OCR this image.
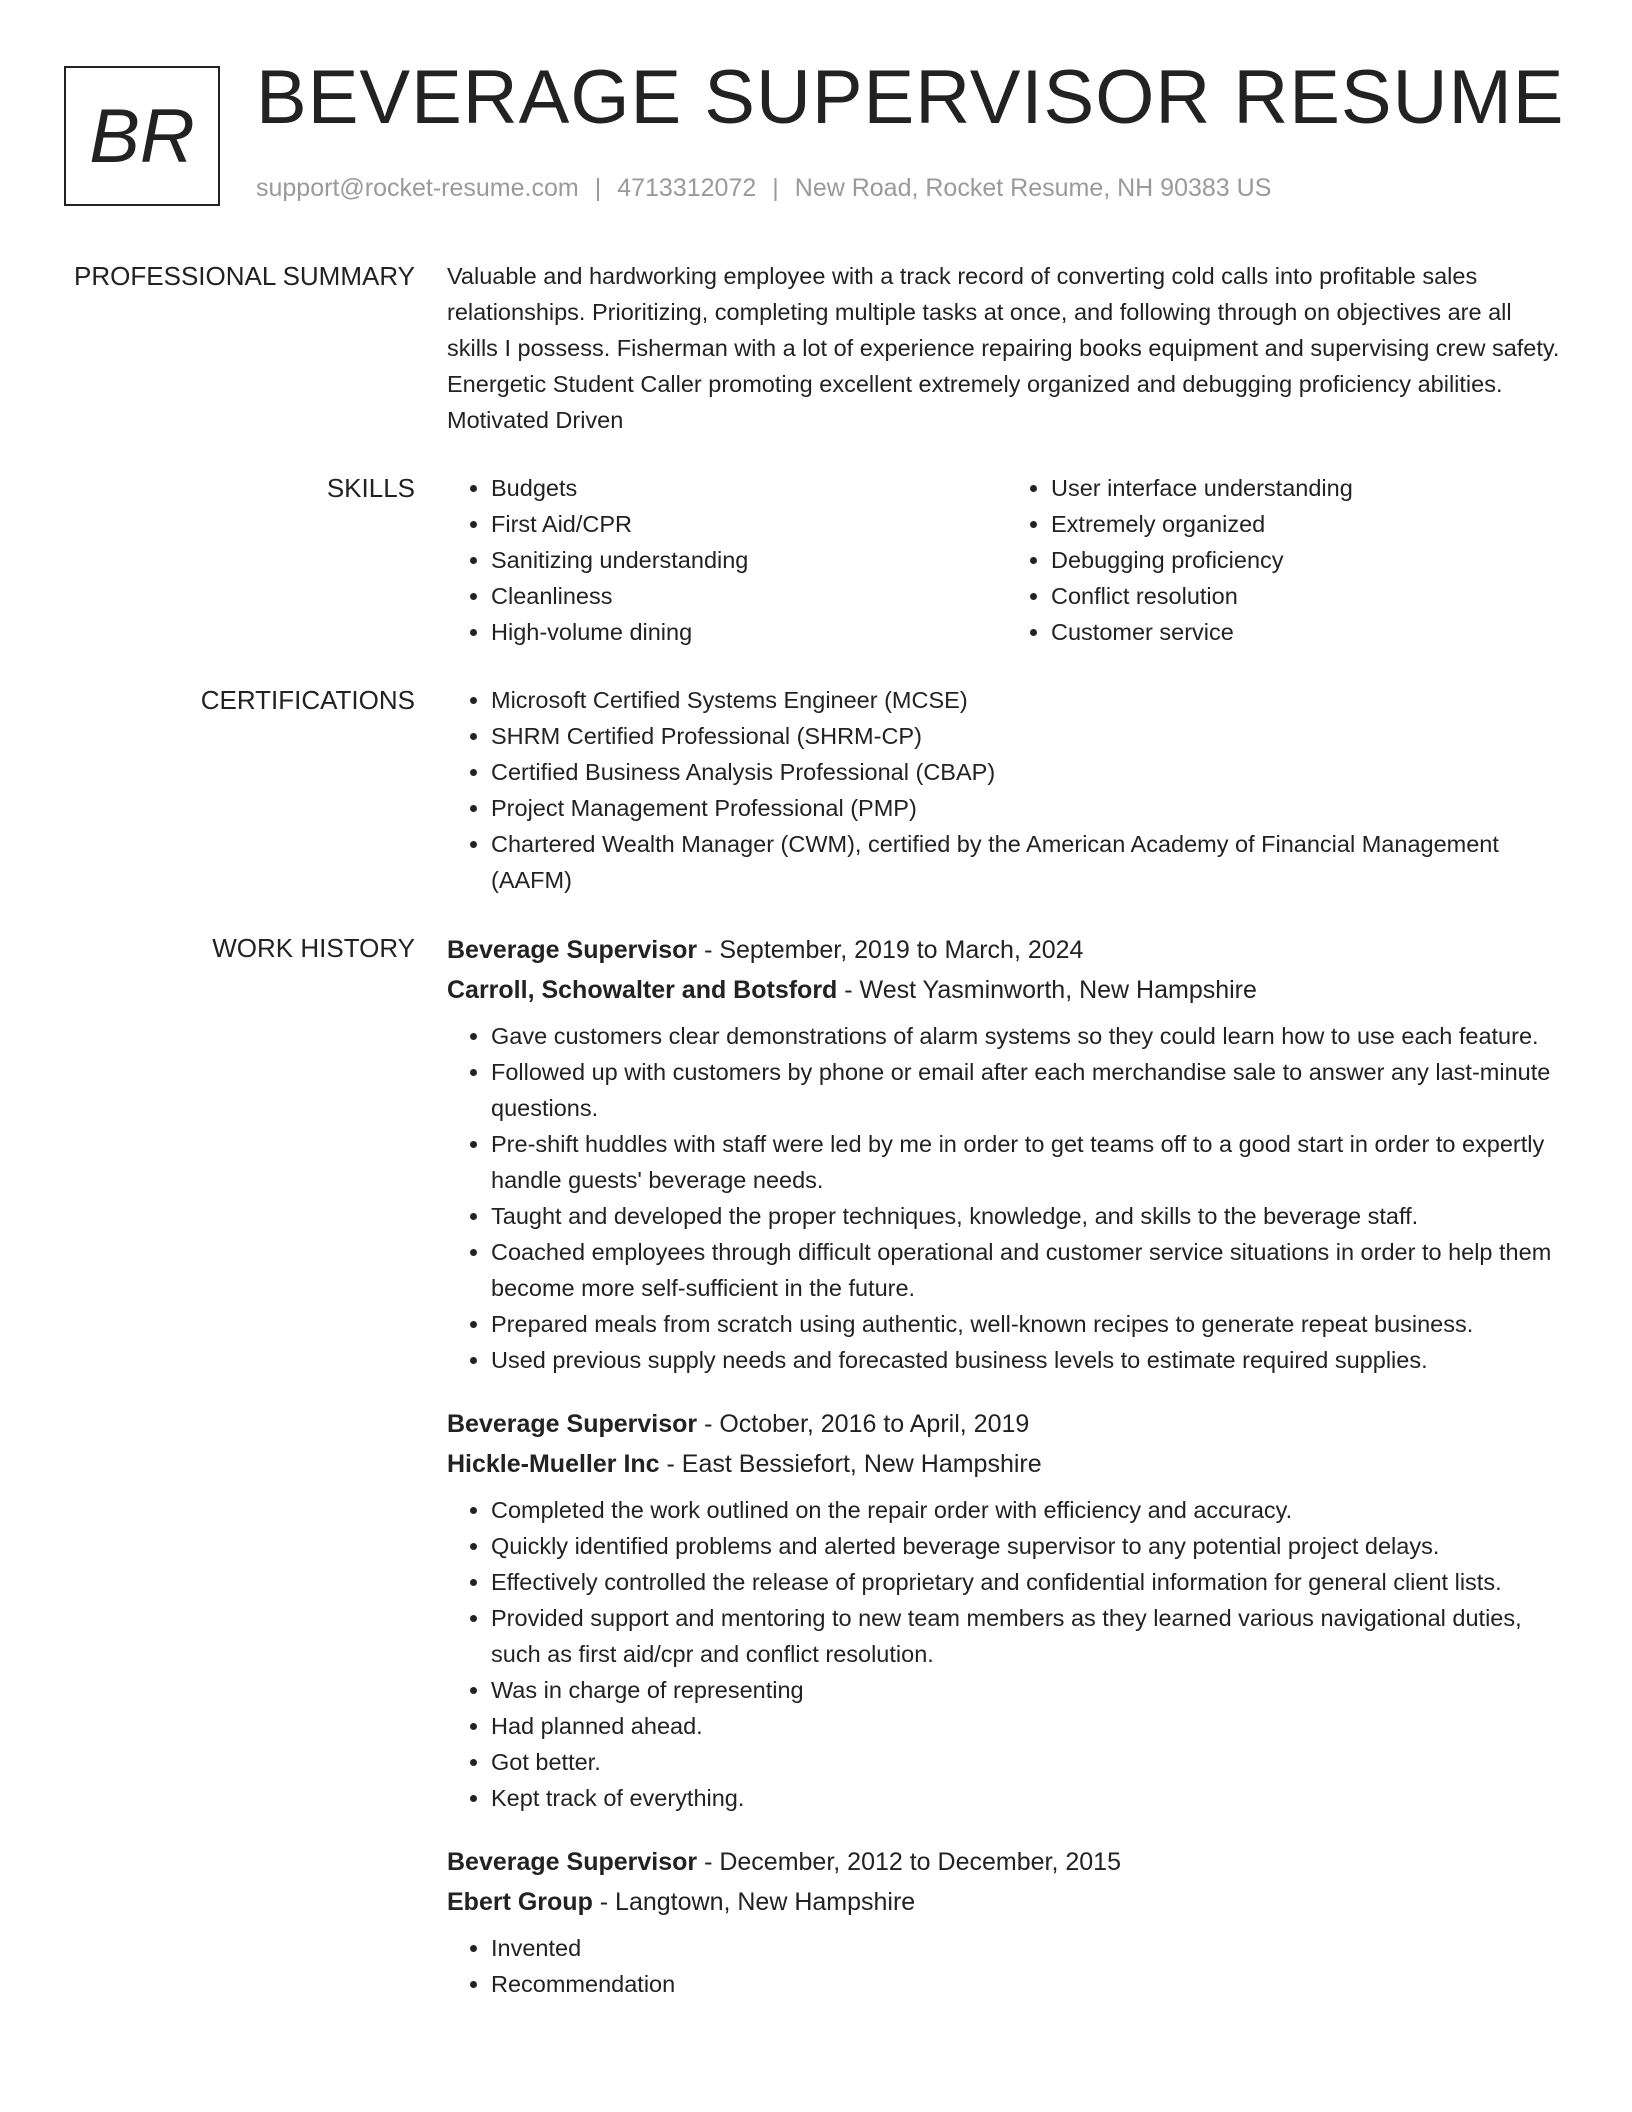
BR BEVERAGE SUPERVISOR RESUME
support@rocket-resume.com | 4713312072 | New Road, Rocket Resume, NH 90383 US
PROFESSIONAL SUMMARY Valuable and hardworking employee with a track record of converting cold calls into profitable sales relationships. Prioritizing, completing multiple tasks at once, and following through on objectives are all skills I possess. Fisherman with a lot of experience repairing books equipment and supervising crew safety. Energetic Student Caller promoting excellent extremely organized and debugging proficiency abilities. Motivated Driven

SKILLS	• Budgets
• First Aid/CPR
• Sanitizing understanding
• Cleanliness
• High-volume dining
• User interface understanding
• Extremely organized
• Debugging proficiency
• Conflict resolution
• Customer service
CERTIFICATIONS	• Microsoft Certified Systems Engineer (MCSE)
• SHRM Certified Professional (SHRM-CP)
• Certified Business Analysis Professional (CBAP)
• Project Management Professional (PMP)
• Chartered Wealth Manager (CWM), certified by the American Academy of Financial Management (AAFM)
WORK HISTORY Beverage Supervisor - September, 2019 to March, 2024
Carroll, Schowalter and Botsford - West Yasminworth, New Hampshire
• Gave customers clear demonstrations of alarm systems so they could learn how to use each feature.
• Followed up with customers by phone or email after each merchandise sale to answer any last-minute questions.
• Pre-shift huddles with staff were led by me in order to get teams off to a good start in order to expertly handle guests' beverage needs.
• Taught and developed the proper techniques, knowledge, and skills to the beverage staff.
• Coached employees through difficult operational and customer service situations in order to help them become more self-sufficient in the future.
• Prepared meals from scratch using authentic, well-known recipes to generate repeat business.
• Used previous supply needs and forecasted business levels to estimate required supplies.
Beverage Supervisor - October, 2016 to April, 2019
Hickle-Mueller Inc - East Bessiefort, New Hampshire
• Completed the work outlined on the repair order with efficiency and accuracy.
• Quickly identified problems and alerted beverage supervisor to any potential project delays.
• Effectively controlled the release of proprietary and confidential information for general client lists.
• Provided support and mentoring to new team members as they learned various navigational duties, such as first aid/cpr and conflict resolution.
• Was in charge of representing
• Had planned ahead.
• Got better.
• Kept track of everything.
Beverage Supervisor - December, 2012 to December, 2015
Ebert Group - Langtown, New Hampshire
• Invented
• Recommendation
